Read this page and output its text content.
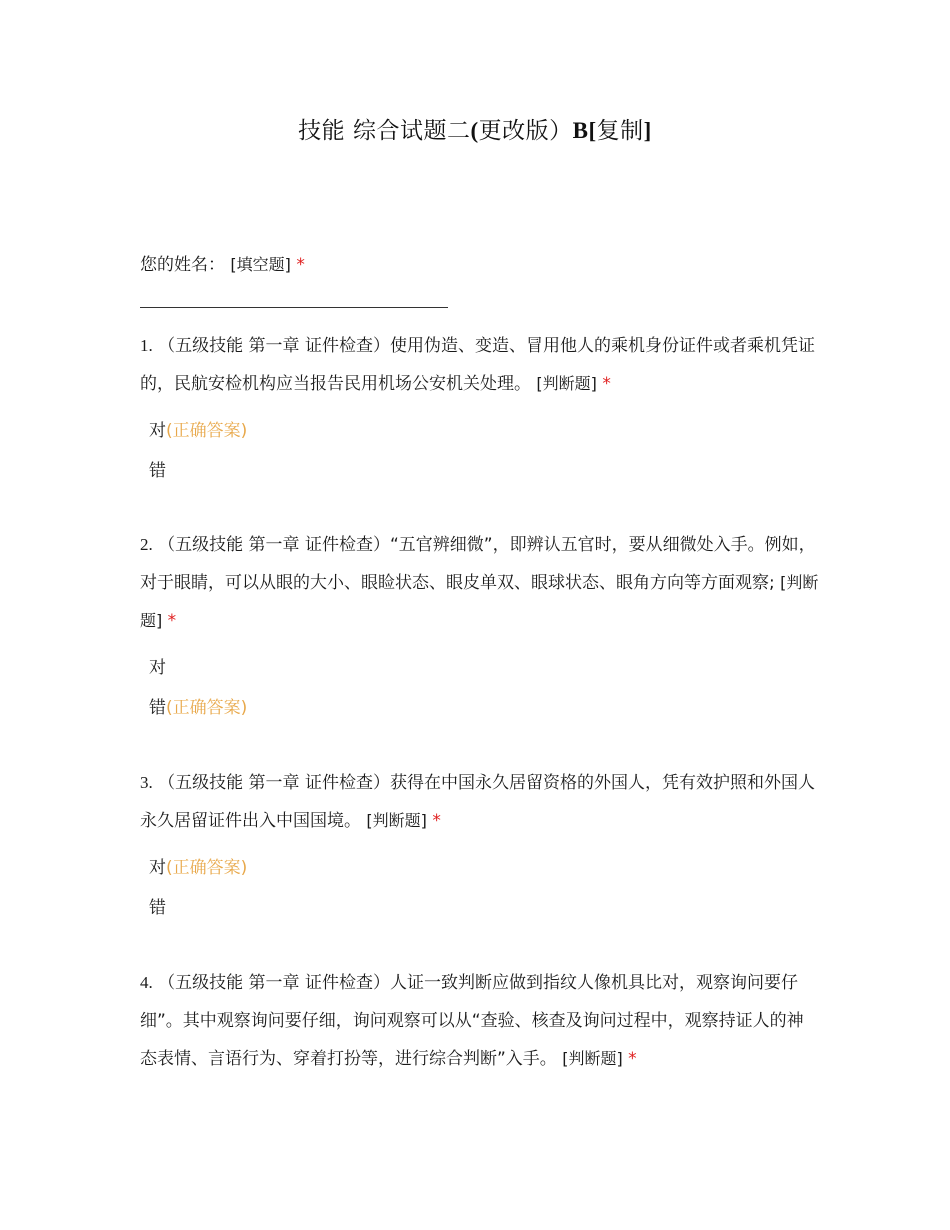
技能 综合试题二(更改版）B[复制]
您的姓名： [填空题] *
1. （五级技能 第一章 证件检查）使用伪造、变造、冒用他人的乘机身份证件或者乘机凭证的，民航安检机构应当报告民用机场公安机关处理。 [判断题] *
对(正确答案)
错
2. （五级技能 第一章 证件检查）“五官辨细微”，即辨认五官时，要从细微处入手。例如，对于眼睛，可以从眼的大小、眼睑状态、眼皮单双、眼球状态、眼角方向等方面观察; [判断题] *
对
错(正确答案)
3. （五级技能 第一章 证件检查）获得在中国永久居留资格的外国人，凭有效护照和外国人永久居留证件出入中国国境。 [判断题] *
对(正确答案)
错
4. （五级技能 第一章 证件检查）人证一致判断应做到指纹人像机具比对，观察询问要仔细”。其中观察询问要仔细，询问观察可以从“查验、核查及询问过程中，观察持证人的神态表情、言语行为、穿着打扮等，进行综合判断”入手。 [判断题] *
